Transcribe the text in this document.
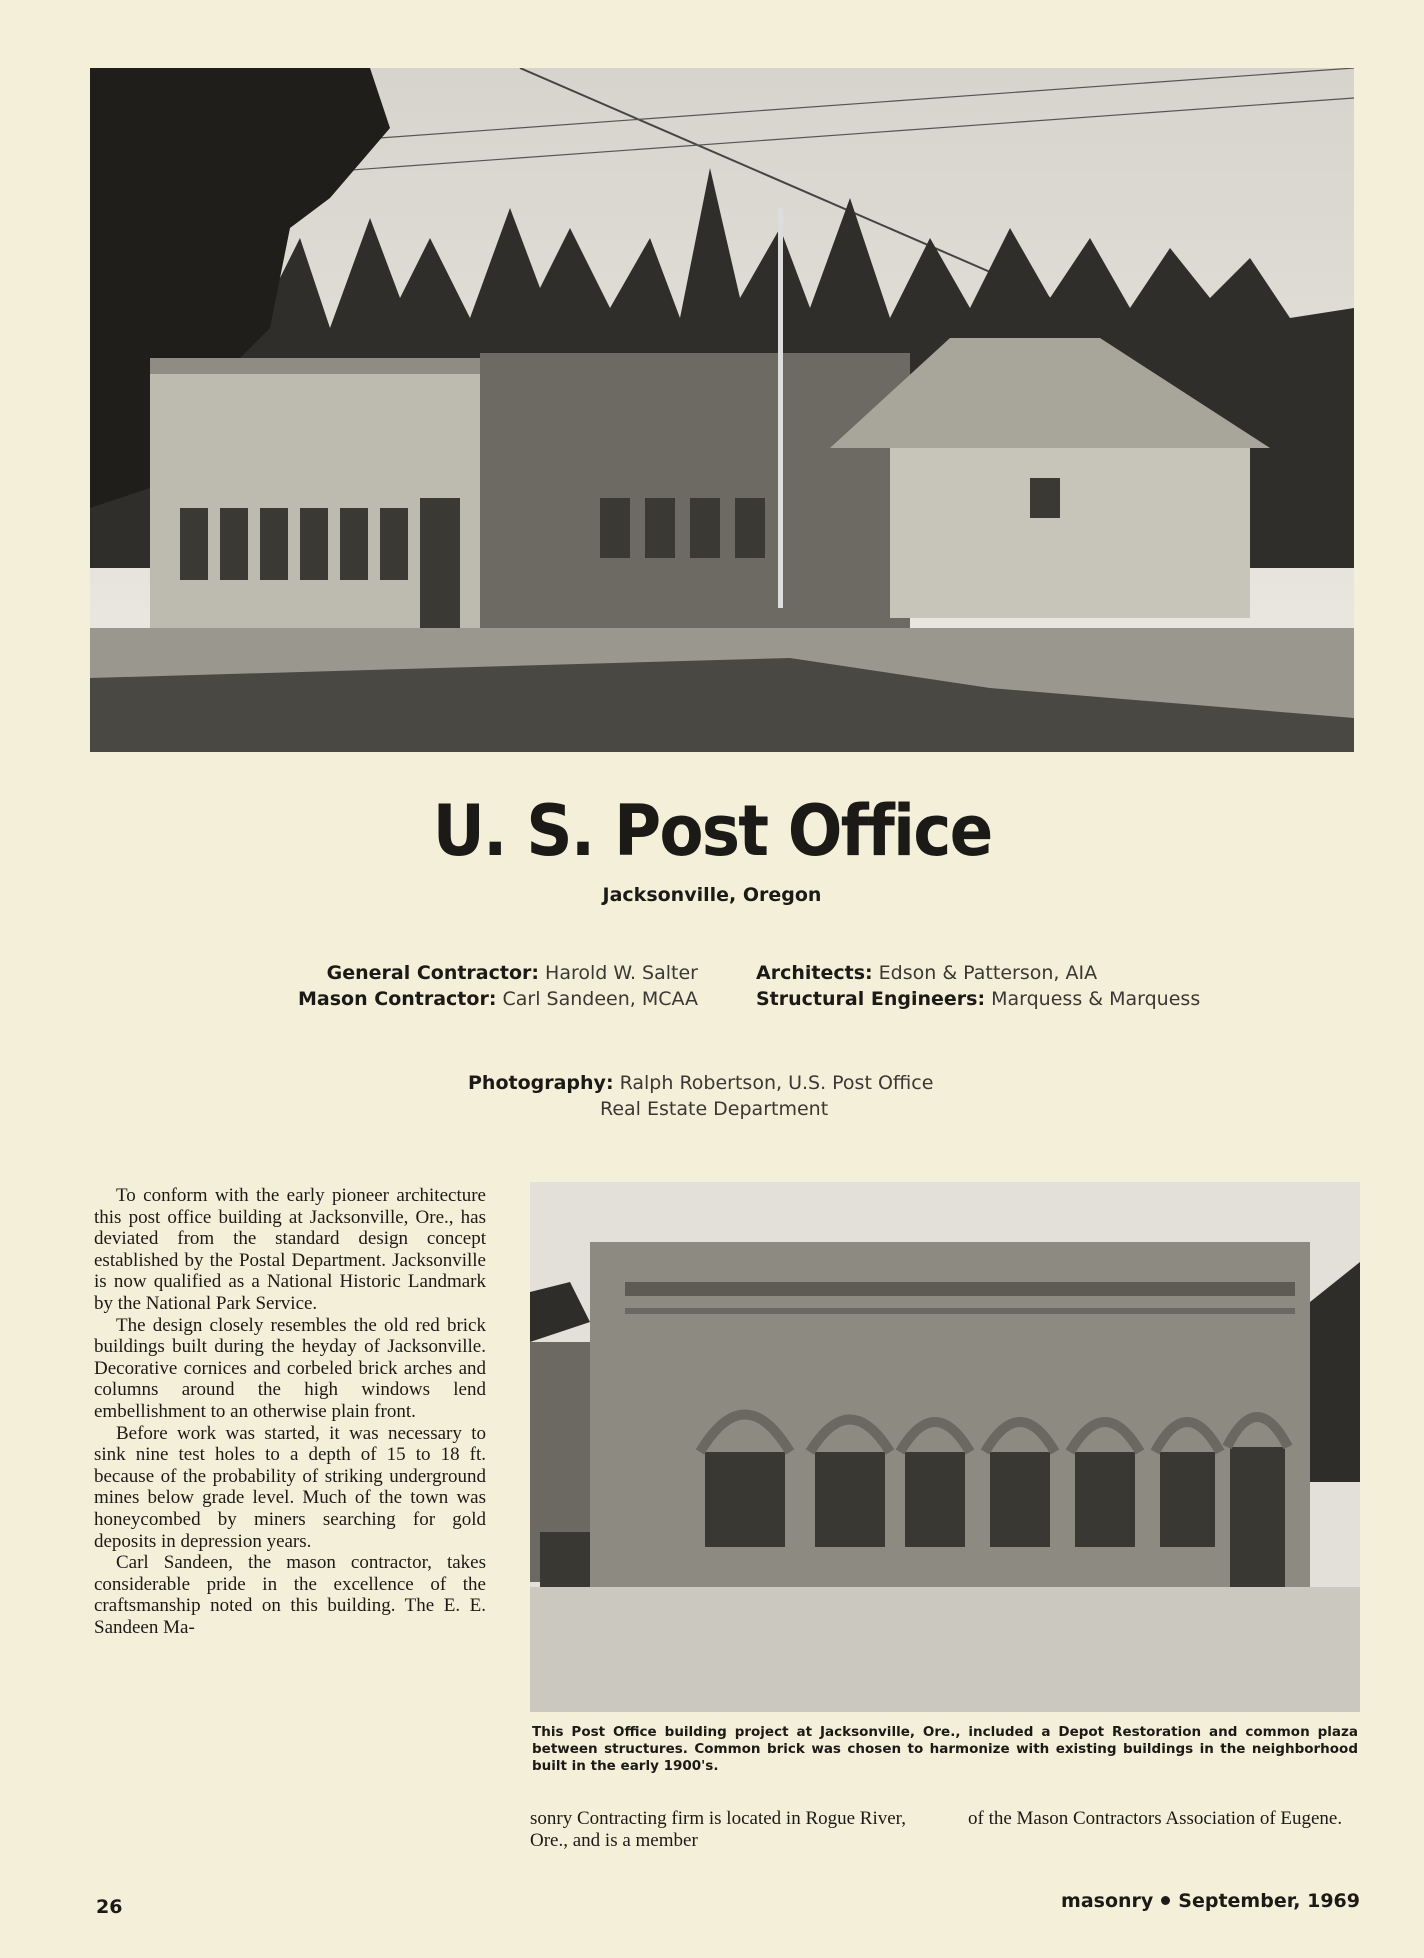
U. S. Post Office
Jacksonville, Oregon
General Contractor: Harold W. Salter
Mason Contractor: Carl Sandeen, MCAA
Architects: Edson & Patterson, AIA
Structural Engineers: Marquess & Marquess
Photography: Ralph Robertson, U.S. Post Office
Real Estate Department

To conform with the early pioneer architecture this post office building at Jacksonville, Ore., has deviated from the standard design concept established by the Postal Department. Jacksonville is now qualified as a National Historic Landmark by the National Park Service.

The design closely resembles the old red brick buildings built during the heyday of Jacksonville. Decorative cornices and corbeled brick arches and columns around the high windows lend embellishment to an otherwise plain front.

Before work was started, it was necessary to sink nine test holes to a depth of 15 to 18 ft. because of the probability of striking underground mines below grade level. Much of the town was honeycombed by miners searching for gold deposits in depression years.

Carl Sandeen, the mason contractor, takes considerable pride in the excellence of the craftsmanship noted on this building. The E. E. Sandeen Ma-

This Post Office building project at Jacksonville, Ore., included a Depot Restoration and common plaza between structures. Common brick was chosen to harmonize with existing buildings in the neighborhood built in the early 1900's.
sonry Contracting firm is located in Rogue River, Ore., and is a member
of the Mason Contractors Association of Eugene.
26	masonry September, 1969
